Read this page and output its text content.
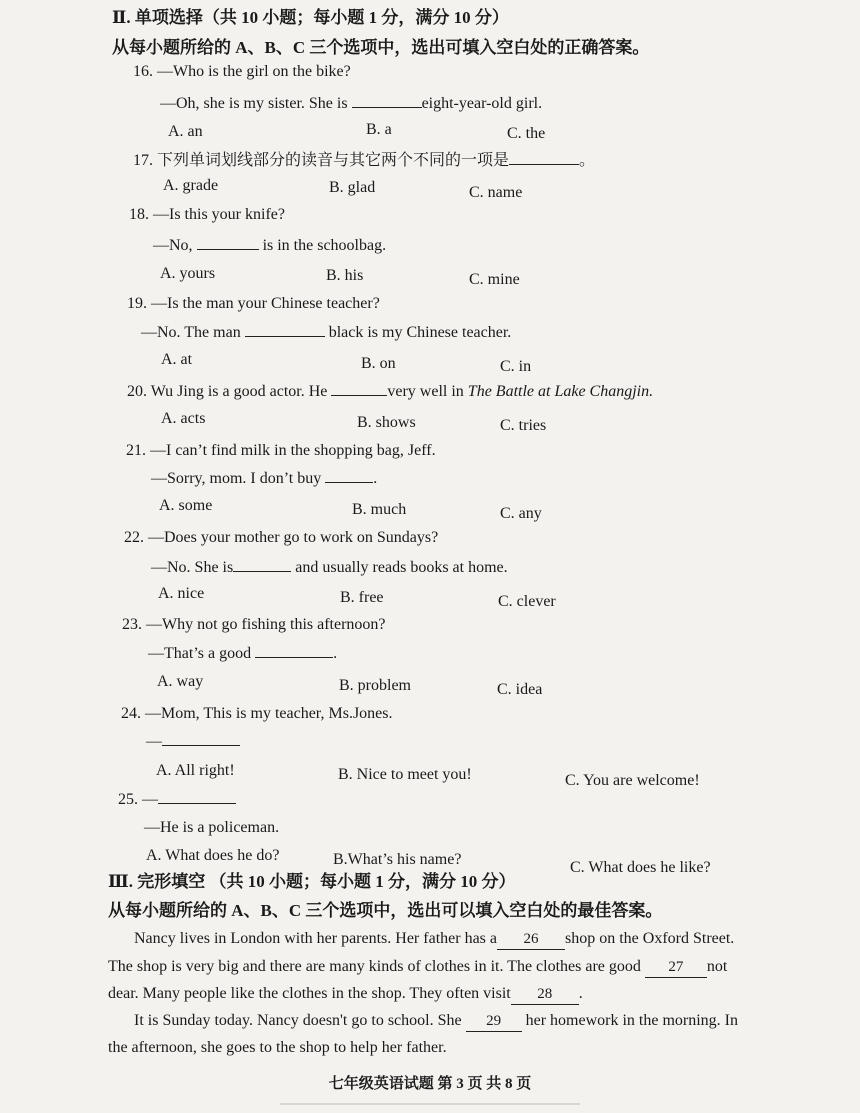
Ⅱ. 单项选择（共 10 小题；每小题 1 分，满分 10 分）
从每小题所给的 A、B、C 三个选项中，选出可填入空白处的正确答案。
16. —Who is the girl on the bike?
—Oh, she is my sister. She is	eight-year-old girl.
A. an	B. a	C. the
17. 下列单词划线部分的读音与其它两个不同的一项是	。
A. grade	B. glad	C. name
18. —Is this your knife?
—No,	is in the schoolbag.
A. yours	B. his	C. mine
19. —Is the man your Chinese teacher?
—No. The man	black is my Chinese teacher.
A. at	B. on	C. in
20. Wu Jing is a good actor. He	very well in The Battle at Lake Changjin.
A. acts	B. shows	C. tries
21. —I can’t find milk in the shopping bag, Jeff.
—Sorry, mom. I don’t buy	.
A. some	B. much	C. any
22. —Does your mother go to work on Sundays?
—No. She is	and usually reads books at home.
A. nice	B. free	C. clever
23. —Why not go fishing this afternoon?
—That’s a good	.
A. way	B. problem	C. idea
24. —Mom, This is my teacher, Ms.Jones.
—
A. All right!	B. Nice to meet you!	C. You are welcome!
25. —
—He is a policeman.
A. What does he do?	B.What’s his name?	C. What does he like?
Ⅲ. 完形填空 （共 10 小题；每小题 1 分，满分 10 分）
从每小题所给的 A、B、C 三个选项中，选出可以填入空白处的最佳答案。
Nancy lives in London with her parents. Her father has a 26 shop on the Oxford Street.
The shop is very big and there are many kinds of clothes in it. The clothes are good 27 not
dear. Many people like the clothes in the shop. They often visit 28 .
It is Sunday today. Nancy doesn't go to school. She 29 her homework in the morning. In
the afternoon, she goes to the shop to help her father.
七年级英语试题 第 3 页 共 8 页
